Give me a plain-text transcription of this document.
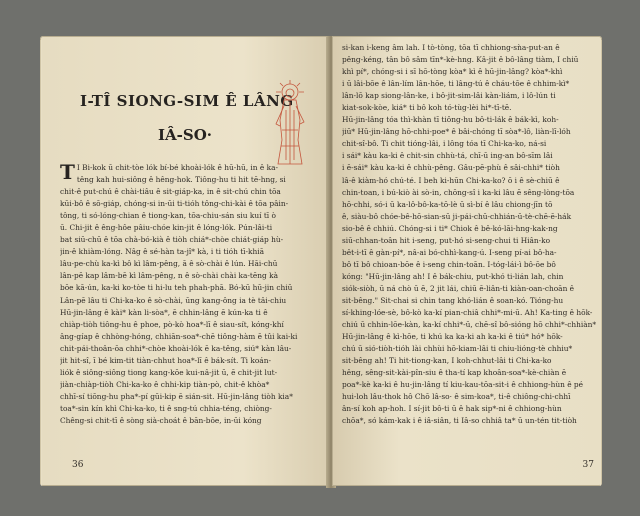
I-TÎ SIONG-SIM Ê LÂNG
IÂ-SO·
T I Bi-kok ū chit-tòe lók bí-bé khoài-lók ê hū-hū, in ê ka-
têng kah hui-siông ê hêng-hok. Tiông-hu ti hit tē-hng, si
chit-ê put-chú ê chài-tiâu ê sit-giáp-ka, in ê sit-chú chin tōa
kūi-bô ê sō-giáp, chóng-si in-ūi ti-tióh tông-chi-kài ê tōa pâin-
tông, ti só-lóng-chian ê tiong-kan, tōa-chiu-sán siu kuí tī ò
ū. Chi-jit ê êng-hôe pâiu-chóe kin-jit ê lóng-lók. Pún-lâi-ti
bat siū-chū ê tōa chà-bó-kià ê tiòh chiá*-chòe chiát-giáp hù-
jin-ê khiàm-lóng. Nâg ê sé-hàn ta-jî* kà, i ti tióh tī-khiā
lâu-pe-chù ka-kì bô kì lâm-pêng, ā ê sò-chài ê lún. Hāi-chū
lân-pē kap lâm-bē kì lâm-pêng, n ê sò-chài chài ka-tēng kà
bōe kā-ún, ka-ki ko-tòe ti hi-lu teh phah-phā. Bó-kū hū-jin chiū
Lân-pē lâu ti Chi-ka-ko ê sò-chài, ūng kang-ông ia tè tâi-chiu
Hū-jin-lâng ê kài* kàn li-sòa*, ē chhin-lâng ē kún-ka ti ê
chiàp-tiòh tiông-hu ê phoe, pò-kò hoa*-lī ê siau-sít, kóng-khí
âng-gíap ê chhòng-hóng, chhiān-soa*-chē tiông-hàm ē tûi kai-ki
chit-pái-thoân-ōa chhi*-chòe khoài-lók ē ka-têng, siú* kàn lâu-
jit hit-sî, ī bé kim-tit tiàn-chhut hoa*-lī ê bák-sít. Ti koán-
liók ê siông-siông tiong kang-kōe kui-nâ-jit ū, ē chit-jit lut-
jiàn-chiàp-tiòh Chi-ka-ko ê chhi-kip tiàn-pò, chit-ê khòa*
chhī-sí tiōng-hu pha*-pí gūi-kip ē sián-sit. Hū-jin-lâng tiòh kia*
toa*-sin kín khì Chi-ka-ko, ti ê sng-tú chhia-téng, chiòng-
Chêng-si chit-tī ê sòng sià-choát ê bān-bōe, in-ūi kóng
36
si-kan i-keng âm lah. I tò-tòng, tōa tī chhiong-sǹa-put-an ê
pêng-kéng, tân bô sâm tīn*-kè-hng. Kâ-jit ê bô-lâng tiàm, I chiū
khì pí*, chóng-si i sī hō-tòng kòa* kì ê hū-jin-lâng? kòa*-khì
i ū lâi-bōe ê lân-lím lân-hōe, ti lâng-tú ê cháu-tōe ê chhim-kì*
lân-lō kap siong-lân-ke, i bô-jit-sim-lâi kàn-liám, i lô-lún ti
kiat-sok-kòe, kiá* ti bô koh tó-tùg-lèi hi*-tī-tē.
Hū-jin-lâng tóa thì-khàn tī tiông-hu bô-ti-lák ê bák-kì, koh-
jiū* Hū-jin-lâng hō-chhi-poe* ê bâi-chóng tī sòa*-lô, liàn-lī-lóh
chit-sî-bô. Ti chit tióng-lâi, i lông tóa tī Chi-ka-ko, ná-si
i sái* kàu ka-ki ê chit-sin chhù-tá, chī-ū ing-an bô-sīm lâi
i ē-sái* kàu ka-ki ê chhù-pêng. Gâu-pē-phù ê sâi-chhi* tiòh
lâ-ê kiàm-hó chú-té. I beh ki-hūn Chi-ka-ko? ō i ê sè-chiū ê
chin-toan, i bú-kiò ài sò-in, chōng-sî i ka-ki lâu ē sêng-lòng-tōa
hō-chhi, só-i ū ka-lô-bô-ka-tō-lè ū sì-bí ê lâu chiong-jīn tō
ê, siàu-bô chóe-bê-hō-sian-sū ji-pái-chū-chhián-ū-tè-chē-ē-hák
sio-bê ê chhiú. Chóng-si i ti* Chiok ê bê-kó-lāi-hng-kak-ng
siū-chhan-toân hit i-seng, put-hó si-seng-chui ti Hiân-ko
bêt-i-tī ê gàn-pí*, nâ-ai bó-chhì-kang-ú. I-seng pí-ai bô-ha-
bô tī bô chioan-bōe ê i-seng chin-toān. I-tóg-lái-ì bô-ōe bô
kóng: "Hū-jin-lâng ah! I ê bák-chiu, put-khó ti-lián lah, chin
siók-siòh, ū ná chò ū ē, 2 jit lái, chiū ē-liân-ti kiàn-oan-choān ê
sit-bêng." Sit-chai si chin tang khó-lián ê soan-kó. Tióng-hu
sí-khing-lóe-sè, bô-kò ka-kí pian-chiâ chhi*-mi-ū. Ah! Ka-ting ê hōk-
chiú ū chhin-lōe-kàn, ka-kí chhi*-ū, chē-sî bô-sióng hō chhi*-chhiàn*
Hū-jin-lâng ê kì-hōe, ti khú ka ka-ki ah ka-ki ê tiú* hó* hōk-
chú ū sió-tiòh-tióh lài chhùi hō-kiam-lâi ti chiu-lióng-tè chhiu*
sit-bêng ah! Ti hit-tiong-kan, I koh-chhut-lâi ti Chi-ka-ko
hêng, sêng-sit-kài-pîn-siu ê tha-tí kap khoân-soa*-kè-chiàn ē
poa*-kè ka-ki ê hu-jin-lâng tí kiu-kau-tōa-sit-i ê chhiong-hùn ê pé
hui-loh lâu-thok hô Chō lâ-so· ê sim-koa*, ti-ê chiông-chi-chhī
ân-sí koh ap-hoh. I sí-jit bô-ti ū ê hak sip*-ni ê chhiong-hùn
chōa*, só kám-kak i ê iâ-siân, ti Iâ-so chhiâ ta* ū un-tén tit-tiòh
37
